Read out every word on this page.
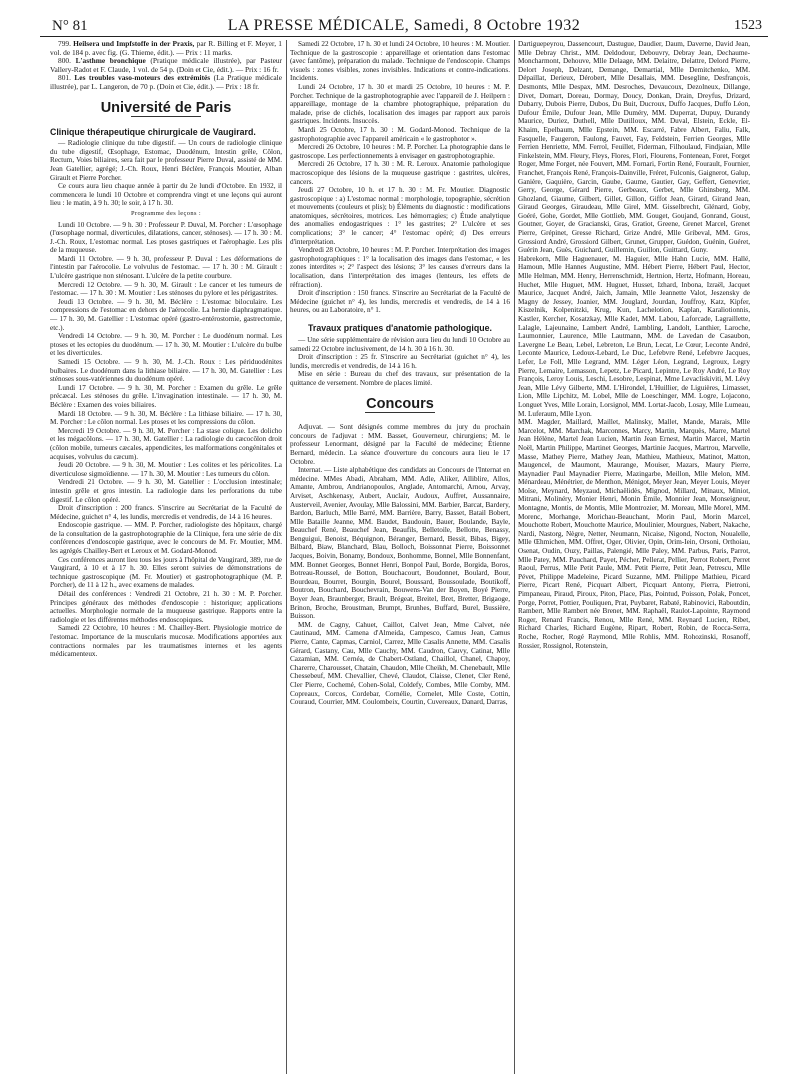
N° 81	LA PRESSE MÉDICALE, Samedi, 8 Octobre 1932	1523

799. Heilsera und Impfstoffe in der Praxis, par R. Billing et F. Meyer, 1 vol. de 184 p. avec fig. (G. Thieme, édit.). — Prix : 11 marks.

800. L'asthme bronchique (Pratique médicale illustrée), par Pasteur Vallery-Radot et F. Claude, 1 vol. de 54 p. (Doin et Cie, édit.). — Prix : 16 fr.

801. Les troubles vaso-moteurs des extrémités (La Pratique médicale illustrée), par L. Langeron, de 70 p. (Doin et Cie, édit.). — Prix : 18 fr.

Université de Paris
Clinique thérapeutique chirurgicale de Vaugirard.

— Radiologie clinique du tube digestif. — Un cours de radiologie clinique du tube digestif, Œsophage, Estomac, Duodénum, Intestin grêle, Côlon, Rectum, Voies biliaires, sera fait par le professeur Pierre Duval, assisté de MM. Jean Gatellier, agrégé; J.-Ch. Roux, Henri Béclère, François Moutier, Alban Girault et Pierre Porcher.

Ce cours aura lieu chaque année à partir du 2e lundi d'Octobre. En 1932, il commencera le lundi 10 Octobre et comprendra vingt et une leçons qui auront lieu : le matin, à 9 h. 30; le soir, à 17 h. 30.

Programme des leçons :

Lundi 10 Octobre. — 9 h. 30 : Professeur P. Duval, M. Porcher : L'œsophage (l'œsophage normal, diverticules, dilatations, cancer, sténoses). — 17 h. 30 : M. J.-Ch. Roux, L'estomac normal. Les ptoses gastriques et l'aérophagie. Les plis de la muqueuse.

Mardi 11 Octobre. — 9 h. 30, professeur P. Duval : Les déformations de l'intestin par l'aérocolie. Le volvulus de l'estomac. — 17 h. 30 : M. Girault : L'ulcère gastrique non sténosant. L'ulcère de la petite courbure.

Mercredi 12 Octobre. — 9 h. 30, M. Girault : Le cancer et les tumeurs de l'estomac. — 17 h. 30 : M. Moutier : Les sténoses du pylore et les périgastrites.

Jeudi 13 Octobre. — 9 h. 30, M. Béclère : L'estomac biloculaire. Les compressions de l'estomac en dehors de l'aérocolie. La hernie diaphragmatique. — 17 h. 30, M. Gatellier : L'estomac opéré (gastro-entérostomie, gastrectomie, etc.).

Vendredi 14 Octobre. — 9 h. 30, M. Porcher : Le duodénum normal. Les ptoses et les ectopies du duodénum. — 17 h. 30, M. Moutier : L'ulcère du bulbe et les diverticules.

Samedi 15 Octobre. — 9 h. 30, M. J.-Ch. Roux : Les périduodénites bulbaires. Le duodénum dans la lithiase biliaire. — 17 h. 30, M. Gatellier : Les sténoses sous-vatériennes du duodénum opéré.

Lundi 17 Octobre. — 9 h. 30, M. Porcher : Examen du grêle. Le grêle précæcal. Les sténoses du grêle. L'invagination intestinale. — 17 h. 30, M. Béclère : Examen des voies biliaires.

Mardi 18 Octobre. — 9 h. 30, M. Béclère : La lithiase biliaire. — 17 h. 30, M. Porcher : Le côlon normal. Les ptoses et les compressions du côlon.

Mercredi 19 Octobre. — 9 h. 30, M. Porcher : La stase colique. Les dolicho et les mégacôlons. — 17 h. 30, M. Gatellier : La radiologie du cæcocôlon droit (côlon mobile, tumeurs cæcales, appendicites, les malformations congénitales et acquises, volvulus du cæcum).

Jeudi 20 Octobre. — 9 h. 30, M. Moutier : Les colites et les péricolites. La diverticulose sigmoïdienne. — 17 h. 30, M. Moutier : Les tumeurs du côlon.

Vendredi 21 Octobre. — 9 h. 30, M. Gatellier : L'occlusion intestinale; intestin grêle et gros intestin. La radiologie dans les perforations du tube digestif. Le côlon opéré.

Droit d'inscription : 200 francs. S'inscrire au Secrétariat de la Faculté de Médecine, guichet n° 4, les lundis, mercredis et vendredis, de 14 à 16 heures.

Endoscopie gastrique. — MM. P. Porcher, radiologiste des hôpitaux, chargé de la consultation de la gastrophotographie de la Clinique, fera une série de dix conférences d'endoscopie gastrique, avec le concours de M. Fr. Moutier, MM. les agrégés Chailley-Bert et Leroux et M. Godard-Monod.

Ces conférences auront lieu tous les jours à l'hôpital de Vaugirard, 389, rue de Vaugirard, à 10 et à 17 h. 30. Elles seront suivies de démonstrations de technique gastroscopique (M. Fr. Moutier) et gastrophotographique (M. P. Porcher), de 11 à 12 h., avec examens de malades.

Détail des conférences : Vendredi 21 Octobre, 21 h. 30 : M. P. Porcher. Principes généraux des méthodes d'endoscopie : historique; applications actuelles. Morphologie normale de la muqueuse gastrique. Rapports entre la radiologie et les différentes méthodes endoscopiques.

Samedi 22 Octobre, 10 heures : M. Chailley-Bert. Physiologie motrice de l'estomac. Importance de la muscularis mucosæ. Modifications apportées aux contractions normales par les traumatismes internes et les agents médicamenteux.

Samedi 22 Octobre, 17 h. 30 et lundi 24 Octobre, 10 heures : M. Moutier. Technique de la gastroscopie : appareillage et orientation dans l'estomac (avec fantôme), préparation du malade. Technique de l'endoscopie. Champs visuels : zones visibles, zones invisibles. Indications et contre-indications. Incidents.

Lundi 24 Octobre, 17 h. 30 et mardi 25 Octobre, 10 heures : M. P. Porcher. Technique de la gastrophotographie avec l'appareil de J. Heilpern : appareillage, montage de la chambre photographique, préparation du malade, prise de clichés, localisation des images par rapport aux parois gastriques. Incidents. Insuccès.

Mardi 25 Octobre, 17 h. 30 : M. Godard-Monod. Technique de la gastrophotographie avec l'appareil américain « le gastrophotor ».

Mercredi 26 Octobre, 10 heures : M. P. Porcher. La photographie dans le gastroscope. Les perfectionnements à envisager en gastrophotographie.

Mercredi 26 Octobre, 17 h. 30 : M. R. Leroux. Anatomie pathologique macroscopique des lésions de la muqueuse gastrique : gastrites, ulcères, cancers.

Jeudi 27 Octobre, 10 h. et 17 h. 30 : M. Fr. Moutier. Diagnostic gastroscopique : a) L'estomac normal : morphologie, topographie, sécrétion et mouvements (couleurs et plis); b) Éléments du diagnostic : modifications anatomiques, sécrétoires, motrices. Les hémorragies; c) Étude analytique des anomalies endogastriques : 1° les gastrites; 2° L'ulcère et ses complications; 3° le cancer; 4° l'estomac opéré; d) Des erreurs d'interprétation.

Vendredi 28 Octobre, 10 heures : M. P. Porcher. Interprétation des images gastrophotographiques : 1° la localisation des images dans l'estomac, « les zones interdites »; 2° l'aspect des lésions; 3° les causes d'erreurs dans la localisation, dans l'interprétation des images (lenteurs, les effets de réfraction).

Droit d'inscription : 150 francs. S'inscrire au Secrétariat de la Faculté de Médecine (guichet n° 4), les lundis, mercredis et vendredis, de 14 à 16 heures, ou au Laboratoire, n° 1.

Travaux pratiques d'anatomie pathologique.

— Une série supplémentaire de révision aura lieu du lundi 10 Octobre au samedi 22 Octobre inclusivement, de 14 h. 30 à 16 h. 30.

Droit d'inscription : 25 fr. S'inscrire au Secrétariat (guichet n° 4), les lundis, mercredis et vendredis, de 14 à 16 h.

Mise en série : Bureau du chef des travaux, sur présentation de la quittance de versement. Nombre de places limité.

Concours

Adjuvat. — Sont désignés comme membres du jury du prochain concours de l'adjuvat : MM. Basset, Gouverneur, chirurgiens; M. le professeur Lenormant, désigné par la Faculté de médecine; Étienne Bernard, médecin. La séance d'ouverture du concours aura lieu le 17 Octobre.

Internat. — Liste alphabétique des candidats au Concours de l'Internat en médecine. MMes Abadi, Abraham, MM. Adle, Aliker, Alliblire, Allos, Amante, Ambrou, Andrianopoulos, Anglade, Antomarchi, Arnou, Arvay, Arviset, Aschkenasy, Aubert, Auclair, Audoux, Auffret, Aussannaire, Austerveil, Avenier, Avoulay, Mlle Balossini, MM. Barbier, Barcat, Bardery, Bardon, Barluch, Mlle Barré, MM. Barrière, Barry, Basset, Batail Bobert, Mlle Bataille Jeanne, MM. Baudet, Baudouin, Bauer, Boulande, Bayle, Beauchef René, Beauchef Jean, Beaufils, Belletoile, Bellotte, Benassy, Benguigui, Benoist, Béquignon, Béranger, Bernard, Bessit, Bibas, Bigey, Bilbard, Biaw, Blanchard, Blau, Bolloch, Boissonnat Pierre, Boissonnet Jacques, Boivin, Bonamy, Bondoux, Bonhomme, Bonnel, Mlle Bonnenfant, MM. Bonnet Georges, Bonnet Henri, Bonpol Paul, Borde, Borgida, Boros, Botreau-Roussel, de Botton, Bouchacourt, Boudonnet, Boulard, Bour, Bourdeau, Bourret, Bourgin, Bourel, Boussard, Boussoulade, Boutikoff, Boutron, Bouchard, Bouchevrain, Bouwens-Van der Boyen, Boyé Pierre, Boyer Jean, Braunberger, Brault, Brégeat, Breitel, Bret, Bretter, Brigaoge, Brinon, Broche, Broustman, Brumpt, Brunhes, Buffard, Burel, Bussière, Buisson.

MM. de Cagny, Cahuet, Caillot, Calvet Jean, Mme Calvet, née Cautinaud, MM. Camena d'Almeida, Campesco, Camus Jean, Camus Pierre, Cante, Capmas, Carniol, Carrez, Mlle Casalis Annette, MM. Casalis Gérard, Castany, Cau, Mlle Cauchy, MM. Caudron, Cauvy, Catinat, Mlle Cazamian, MM. Cernéa, de Chabert-Ostland, Chaillol, Chanel, Chapoy, Charerre, Charousset, Chatain, Chaudon, Mlle Cheikh, M. Chenebault, Mlle Chessebeuf, MM. Chevallier, Chevé, Claudot, Claisse, Clenet, Cler René, Cler Pierre, Cochemé, Cohen-Solal, Coldefy, Combes, Mlle Comby, MM. Copreaux, Corcos, Cordebar, Cornélie, Cornelet, Mlle Coste, Cottin, Couraud, Courrier, MM. Coulombeix, Courtin, Cuvereaux, Danard, Darras,

Dartiguepeyrou, Dassencourt, Dastugue, Daudier, Daum, Daverne, David Jean, Mlle Debray Christ., MM. Deldodour, Debouvry, Debray Jean, Dechaume-Moncharmont, Dehouve, Mlle Delaage, MM. Delaitre, Delattre, Delord Pierre, Delort Joseph, Delzant, Demange, Demartial, Mlle Demitchenko, MM. Dépaillat, Derieux, Dérobert, Mlle Desallais, MM. Desegline, Desfrançois, Desmonts, Mlle Despax, MM. Desroches, Devaucoux, Dezolneux, Dillange, Divet, Domart, Doreau, Dormay, Doucy, Donkan, Drain, Dreyfus, Drizard, Dubarry, Dubois Pierre, Dubos, Du Buit, Ducroux, Duffo Jacques, Duffo Léon, Dufour Émile, Dufour Jean, Mlle Duméry, MM. Duperrat, Dupuy, Durandy Maurice, Duriez, Duthell, Mlle Dutilloux, MM. Duval, Elstein, Eckle, El-Khaim, Epelbaum, Mlle Epstein, MM. Escarré, Fabre Albert, Faliu, Falk, Fasquelle, Faugeron, Faulong, Fauvet, Fay, Feldstein, Ferrien Georges, Mlle Ferrien Henriette, MM. Ferrol, Feuillet, Fiderman, Filhoulaud, Findjaian, Mlle Finkelstein, MM. Fleury, Fleys, Flores, Flori, Flourens, Fontenean, Foret, Forget Roger, Mme Forget, née Fouvert, MM. Fornari, Fortin René, Fourault, Fournier, Franchet, François René, François-Dainville, Fréret, Fulconis, Gaignerot, Galup, Ganière, Gaquière, Garcin, Gaube, Gaume, Gautier, Gay, Geffert, Genevrier, Gerry, George, Gérard Pierre, Gerbeaux, Gerbet, Mlle Ghinsberg, MM. Ghozland, Giaume, Gilbert, Gillet, Gillon, Giffot Jean, Girard, Girand Jean, Giraud Georges, Giraudeau, Mlle Girel, MM. Gisselbrecht, Glénard, Goby, Goéré, Gohe, Gordet, Mlle Gottlieb, MM. Gouget, Goujand, Gonrand, Goust, Goutner, Goyer, de Gracianski, Gras, Gratiot, Greene, Grenet Marcel, Grenet Pierre, Grépinet, Gresse Richard, Grize André, Mlle Gribeval, MM. Gros, Grossiord André, Grossiord Gilbert, Grunet, Grupper, Guédon, Guénin, Guéret, Guérin Jean, Guès, Guichard, Guillemin, Guillon, Guittard, Guny.

Habrekorn, Mlle Haguenauer, M. Haguier, Mlle Hahn Lucie, MM. Hallé, Hamoun, Mlle Hannes Augustine, MM. Hébert Pierre, Hébert Paul, Hector, Mlle Helman, MM. Henry, Herrenschmidt, Hertnion, Hertz, Hofmann, Horeau, Huchet, Mlle Huguet, MM. Huguet, Husset, Izhard, Inbona, Izraël, Jacquet Maurice, Jacquet André, Jaich, Jamain, Mlle Jeannette Valot, Jeszensky de Magny de Jessey, Joanier, MM. Jouglard, Jourdan, Jouffroy, Katz, Kipfer, Kiszelnik, Kolpenitzki, Krug, Kun, Lachelotion, Kaplan, Karaliotionnis, Kastler, Kercher, Kosatzkay, Mlle Kadet, MM. Labou, Laforcade, Lagraillette, Lalagle, Lajeunaine, Lambert André, Lambling, Landolt, Lanthier, Laroche, Laumonnier, Laurence, Mlle Lautmann, MM. de Lavedan de Casaubon, Lavergne Le Beau, Lebel, Lebreton, Le Brun, Lecat, Le Cœur, Leconte André, Leconte Maurice, Ledoux-Lebard, Le Duc, Lefebvre René, Lefebvre Jacques, Lefer, Le Foll, Mlle Legrand, MM. Léger Léon, Legrand, Legroux, Legry Pierre, Lemaire, Lemasson, Lepetz, Le Picard, Lepintre, Le Roy André, Le Roy François, Leroy Louis, Leschi, Lesobre, Lespinat, Mme Levacliskiviti, M. Lévy Jean, Mlle Lévy Gilberte, MM. L'Hirondel, L'Huillier, de Liguières, Limasset, Lion, Mlle Lipchitz, M. Lobel, Mlle de Loeschinger, MM. Logre, Lojacono, Longuet Yves, Mlle Lorain, Lorsignol, MM. Lortat-Jacob, Losay, Mlle Lumeau, M. Luferaum, Mlle Lyon.

MM. Magder, Maillard, Maillet, Malinsky, Mallet, Mande, Marais, Mlle Marcelot, MM. Marchak, Marconnes, Marcy, Martin, Marquès, Marre, Martel Jean Hélène, Martel Jean Lucien, Martin Jean Ernest, Martin Marcel, Martin Noël, Martin Philippe, Martinet Georges, Martinie Jacques, Martrou, Marvelle, Masse, Mathey Pierre, Mathey Jean, Mathieu, Mathieux, Matinot, Matton, Maugencel, de Maumont, Maurange, Mouiser, Mazars, Maury Pierre, Maynadier Paul Maynadier Pierre, Mazingarbe, Meillon, Mlle Melon, MM. Ménardeau, Ménétrier, de Menthon, Ménigot, Meyer Jean, Meyer Louis, Meyer Moïse, Meynard, Meyzaud, Michaëlidès, Mignod, Millard, Minaux, Miniot, Mitrani, Molinéry, Monier Henri, Monin Émile, Monnier Jean, Monseigneur, Montagne, Montis, de Montis, Mlle Montrozier, M. Moreau, Mlle Morel, MM. Morenc, Morhange, Morichau-Beauchant, Morin Paul, Morin Marcel, Mouchotte Robert, Mouchotte Maurice, Moulinier, Mourgues, Nabert, Nakache, Nardi, Nastorg, Nègre, Netter, Neumann, Nicaise, Nigond, Nocton, Noualelle, Mlle Œhmichen, MM. Offret, Oger, Olivier, Opin, Orim-Iein, Orsoni, Orthoiau, Osenat, Oudin, Ouzy, Paillas, Palengié, Mlle Paley, MM. Parbus, Paris, Parrot, Mlle Patey, MM. Pauchard, Payet, Pécher, Pellerat, Pellier, Perrot Robert, Perret Raoul, Perrus, Mlle Petit Paule, MM. Petit Pierre, Petit Jean, Petrescu, Mlle Pévet, Philippe Madeleine, Picard Suzanne, MM. Philippe Mathieu, Picard Pierre, Picart René, Picquart Albert, Picquart Antony, Pierra, Pietroni, Pimpaneau, Piraud, Piroux, Piton, Place, Plas, Pointud, Poisson, Polak, Poncet, Porge, Porret, Pottier, Pouliquen, Prat, Puybaret, Rabaté, Rabinovici, Raboutdin, Rambert, Mlle Rambert née Brenet, MM. Raphaël, Raulot-Lapointe, Raymond Roger, Renard Francis, Renou, Mlle René, MM. Reynard Lucien, Ribet, Richard Charles, Richard Eugène, Ripart, Robert, Robin, de Rocca-Serra, Roche, Rocher, Rogé Raymond, Mlle Rohlis, MM. Rohozinski, Rosanoff, Rossier, Rossignol, Rotenstein,
